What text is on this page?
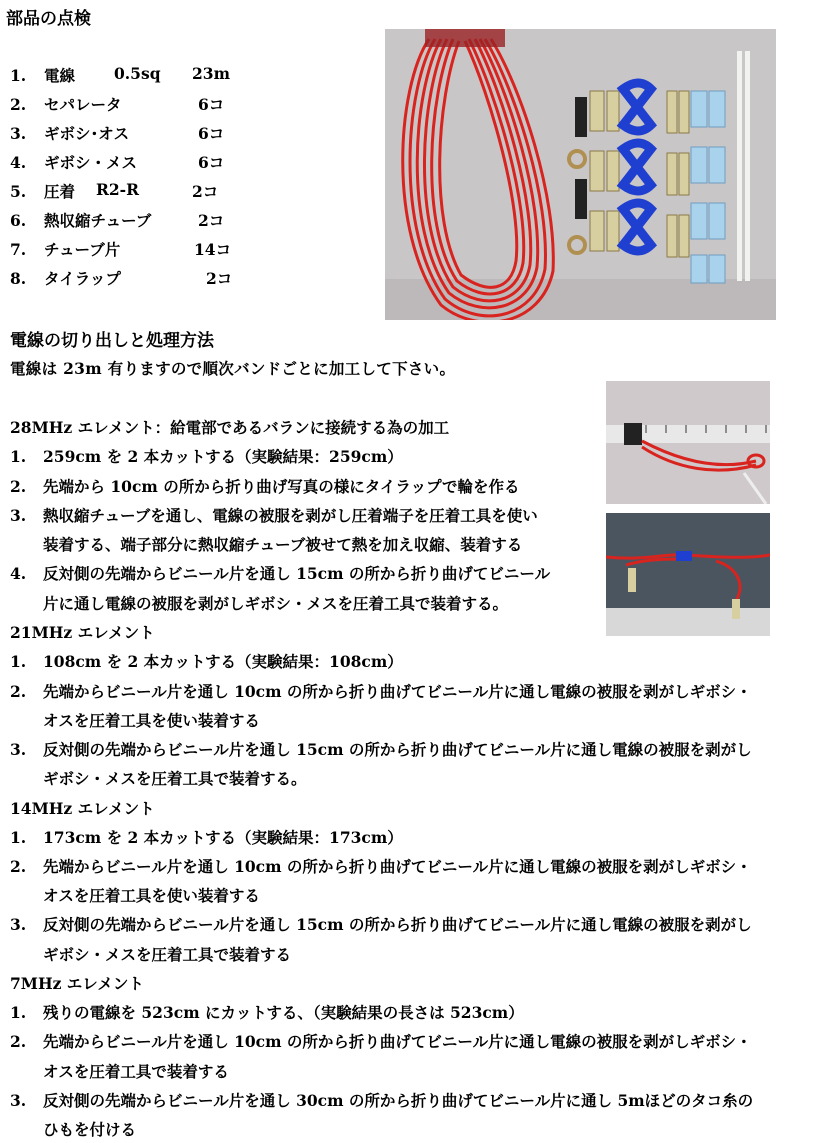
部品の点検
1. 電線	0.5sq 23m
2. セパレータ	6コ
3. ギボシ･オス	6コ
4. ギボシ・メス	6コ
5. 圧着 R2-R	2コ
6. 熱収縮チューブ	2コ
7. チューブ片	14コ
8. タイラップ	2コ
電線の切り出しと処理方法
電線は 23m 有りますので順次バンドごとに加工して下さい。
28MHz エレメント：給電部であるバランに接続する為の加工
1. 259cm を 2 本カットする（実験結果：259cm）
2. 先端から 10cm の所から折り曲げ写真の様にタイラップで輪を作る
3. 熱収縮チューブを通し、電線の被服を剥がし圧着端子を圧着工具を使い
装着する、端子部分に熱収縮チューブ被せて熱を加え収縮、装着する
4. 反対側の先端からビニール片を通し 15cm の所から折り曲げてビニール
片に通し電線の被服を剥がしギボシ・メスを圧着工具で装着する。
21MHz エレメント
1. 108cm を 2 本カットする（実験結果：108cm）
2. 先端からビニール片を通し 10cm の所から折り曲げてビニール片に通し電線の被服を剥がしギボシ・
オスを圧着工具を使い装着する
3. 反対側の先端からビニール片を通し 15cm の所から折り曲げてビニール片に通し電線の被服を剥がし
ギボシ・メスを圧着工具で装着する。
14MHz エレメント
1. 173cm を 2 本カットする（実験結果：173cm）
2. 先端からビニール片を通し 10cm の所から折り曲げてビニール片に通し電線の被服を剥がしギボシ・
オスを圧着工具を使い装着する
3. 反対側の先端からビニール片を通し 15cm の所から折り曲げてビニール片に通し電線の被服を剥がし
ギボシ・メスを圧着工具で装着する
7MHz エレメント
1. 残りの電線を 523cm にカットする、（実験結果の長さは 523cm）
2. 先端からビニール片を通し 10cm の所から折り曲げてビニール片に通し電線の被服を剥がしギボシ・
オスを圧着工具で装着する
3. 反対側の先端からビニール片を通し 30cm の所から折り曲げてビニール片に通し 5mほどのタコ糸の
ひもを付ける
